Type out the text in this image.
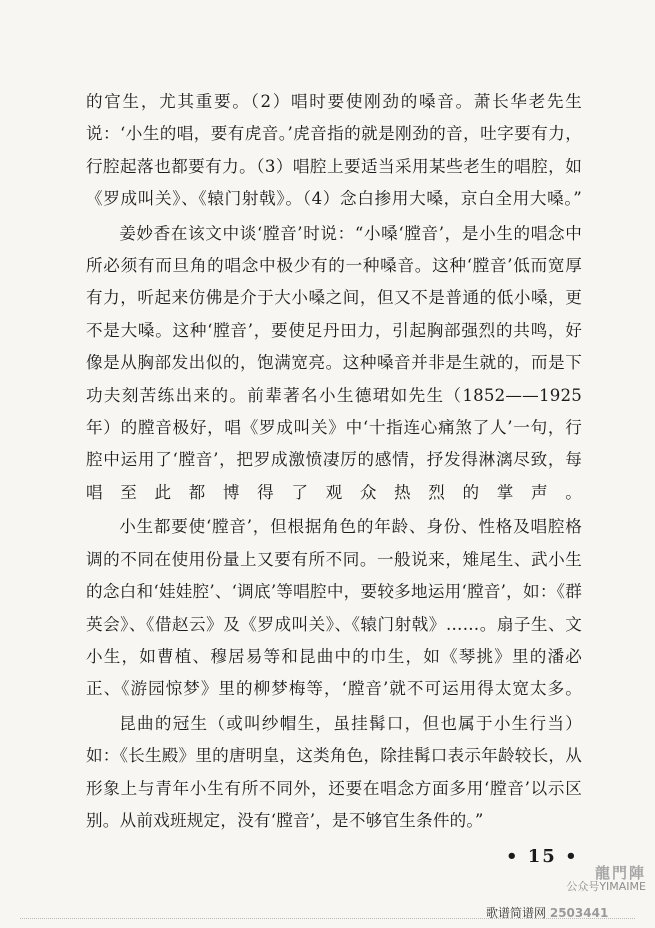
的官生，尤其重要。（2）唱时要使刚劲的嗓音。萧长华老先生说：‘小生的唱，要有虎音。’虎音指的就是刚劲的音，吐字要有力，行腔起落也都要有力。（3）唱腔上要适当采用某些老生的唱腔，如《罗成叫关》、《辕门射戟》。（4）念白掺用大嗓，京白全用大嗓。”

姜妙香在该文中谈‘膛音’时说：“小嗓‘膛音’，是小生的唱念中所必须有而旦角的唱念中极少有的一种嗓音。这种‘膛音’低而宽厚有力，听起来仿佛是介于大小嗓之间，但又不是普通的低小嗓，更不是大嗓。这种‘膛音’，要使足丹田力，引起胸部强烈的共鸣，好像是从胸部发出似的，饱满宽亮。这种嗓音并非是生就的，而是下功夫刻苦练出来的。前辈著名小生德珺如先生（1852——1925年）的膛音极好，唱《罗成叫关》中‘十指连心痛煞了人’一句，行腔中运用了‘膛音’，把罗成激愤凄厉的感情，抒发得淋漓尽致，每唱至此都博得了观众热烈的掌声。

小生都要使‘膛音’，但根据角色的年龄、身份、性格及唱腔格调的不同在使用份量上又要有所不同。一般说来，雉尾生、武小生的念白和‘娃娃腔’、‘调底’等唱腔中，要较多地运用‘膛音’，如：《群英会》、《借赵云》及《罗成叫关》、《辕门射戟》……。扇子生、文小生，如曹植、穆居易等和昆曲中的巾生，如《琴挑》里的潘必正、《游园惊梦》里的柳梦梅等，‘膛音’就不可运用得太宽太多。

昆曲的冠生（或叫纱帽生，虽挂髯口，但也属于小生行当）如：《长生殿》里的唐明皇，这类角色，除挂髯口表示年龄较长，从形象上与青年小生有所不同外，还要在唱念方面多用‘膛音’以示区别。从前戏班规定，没有‘膛音’，是不够官生条件的。”

• 15 •
龍門陣
公众号YIMAIME
歌谱简谱网 2503441
